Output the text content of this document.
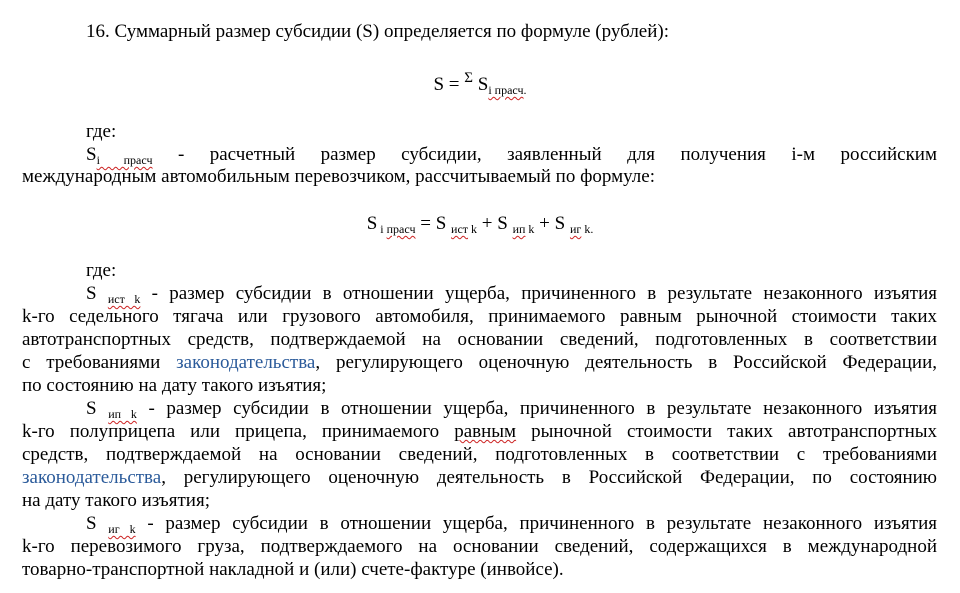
16. Суммарный размер субсидии (S) определяется по формуле (рублей):
S = $^\Sigma$ $S_{i прасч.}$
где:
$S_{i прасч}$ - расчетный размер субсидии, заявленный для получения i-м российским
международным автомобильным перевозчиком, рассчитываемый по формуле:
S $_i$ $_{прасч}$ = S $_{ист}$ $_k$ + S $_{ип}$ $_k$ + S $_{иг}$ $_{k.}$
где:
S $_{ист k}$ - размер субсидии в отношении ущерба, причиненного в результате незаконного изъятия
k-го седельного тягача или грузового автомобиля, принимаемого равным рыночной стоимости таких
автотранспортных средств, подтверждаемой на основании сведений, подготовленных в соответствии
с требованиями законодательства, регулирующего оценочную деятельность в Российской Федерации,
по состоянию на дату такого изъятия;
S $_{ип k}$ - размер субсидии в отношении ущерба, причиненного в результате незаконного изъятия
k-го полуприцепа или прицепа, принимаемого равным рыночной стоимости таких автотранспортных
средств, подтверждаемой на основании сведений, подготовленных в соответствии с требованиями
законодательства, регулирующего оценочную деятельность в Российской Федерации, по состоянию
на дату такого изъятия;
S $_{иг k}$ - размер субсидии в отношении ущерба, причиненного в результате незаконного изъятия
k-го перевозимого груза, подтверждаемого на основании сведений, содержащихся в международной
товарно-транспортной накладной и (или) счете-фактуре (инвойсе).
